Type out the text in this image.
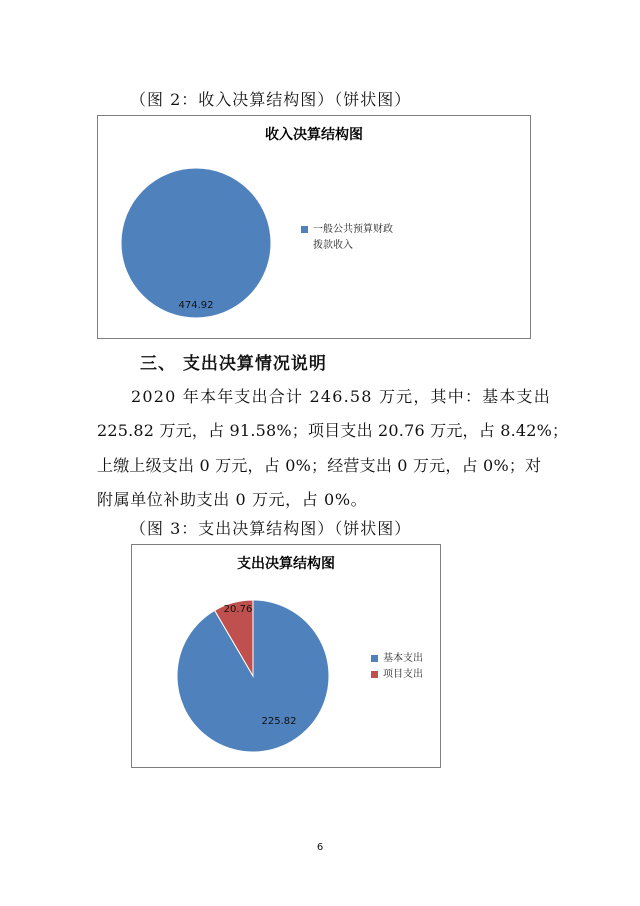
（图 2：收入决算结构图）（饼状图）
收入决算结构图
474.92
一般公共预算财政
拨款收入
三、 支出决算情况说明
2020 年本年支出合计 246.58 万元，其中：基本支出
225.82 万元，占 91.58%；项目支出 20.76 万元，占 8.42%；
上缴上级支出 0 万元，占 0%；经营支出 0 万元，占 0%；对
附属单位补助支出 0 万元，占 0%。
（图 3：支出决算结构图）（饼状图）
支出决算结构图
225.82
20.76
基本支出
项目支出
6
